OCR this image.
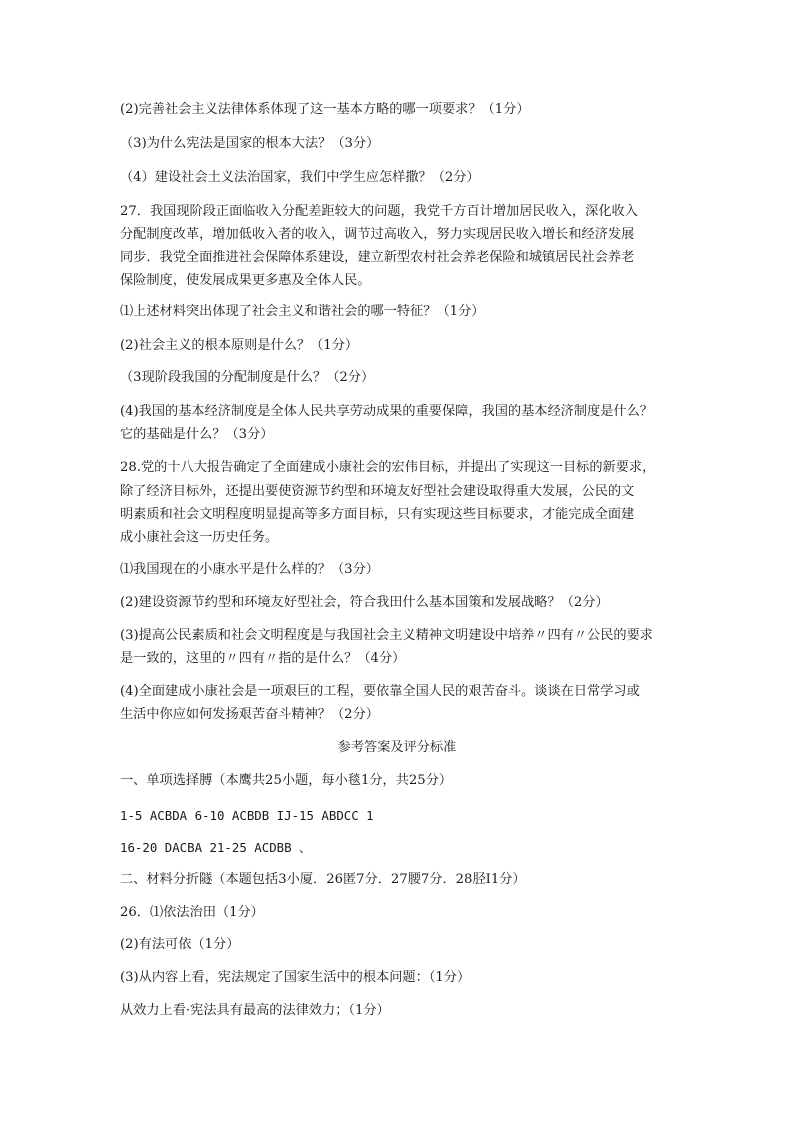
(2)完善社会主义法律体系体现了这一基本方略的哪一项要求？（1分）
（3)为什么宪法是国家的根本大法？（3分）
（4）建设社会土义法治国家，我们中学生应怎样撒？（2分）
27．我国现阶段正面临收入分配差距较大的问题，我党千方百计增加居民收入，深化收入
分配制度改革，增加低收入者的收入，调节过高收入，努力实现居民收入增长和经济发展
同步．我党全面推进社会保障体系建设，建立新型农村社会养老保险和城镇居民社会养老
保险制度，使发展成果更多惠及全体人民。
⑴上述材料突出体现了社会主义和谐社会的哪一特征？（1分）
(2)社会主义的根本原则是什么？（1分）
（3现阶段我国的分配制度是什么？（2分）
(4)我国的基本经济制度是全体人民共享劳动成果的重要保障，我国的基本经济制度是什么？
它的基础是什么？（3分）
28.党的十八大报告确定了全面建成小康社会的宏伟目标，并提出了实现这一目标的新要求，
除了经济目标外，还提出要使资源节约型和环境友好型社会建设取得重大发展，公民的文
明素质和社会文明程度明显提高等多方面目标，只有实现这些目标要求，才能完成全面建
成小康社会这一历史任务。
⑴我国现在的小康水平是什么样的？（3分）
(2)建设资源节约型和环境友好型社会，符合我田什么基本国策和发展战略？（2分）
(3)提高公民素质和社会文明程度是与我国社会主义精神文明建设中培养〃四有〃公民的要求
是一致的，这里的〃四有〃指的是什么？（4分）
(4)全面建成小康社会是一项艰巨的工程，要依靠全国人民的艰苦奋斗。谈谈在日常学习或
生活中你应如何发扬艰苦奋斗精神？（2分）
参考答案及评分标准
一、单项选择膊（本鹰共25小题，每小毯1分，共25分）
1-5 ACBDA 6-10 ACBDB IJ-15 ABDCC 1
16-20 DACBA 21-25 ACDBB 、
二、材料分折隧（本题包括3小厦．26匿7分．27腰7分．28胫I1分）
26．⑴依法治田（1分）
(2)有法可依（1分）
(3)从内容上看，宪法规定了国家生活中的根本问题：（1分）
从效力上看·宪法具有最高的法律效力；（1分）
